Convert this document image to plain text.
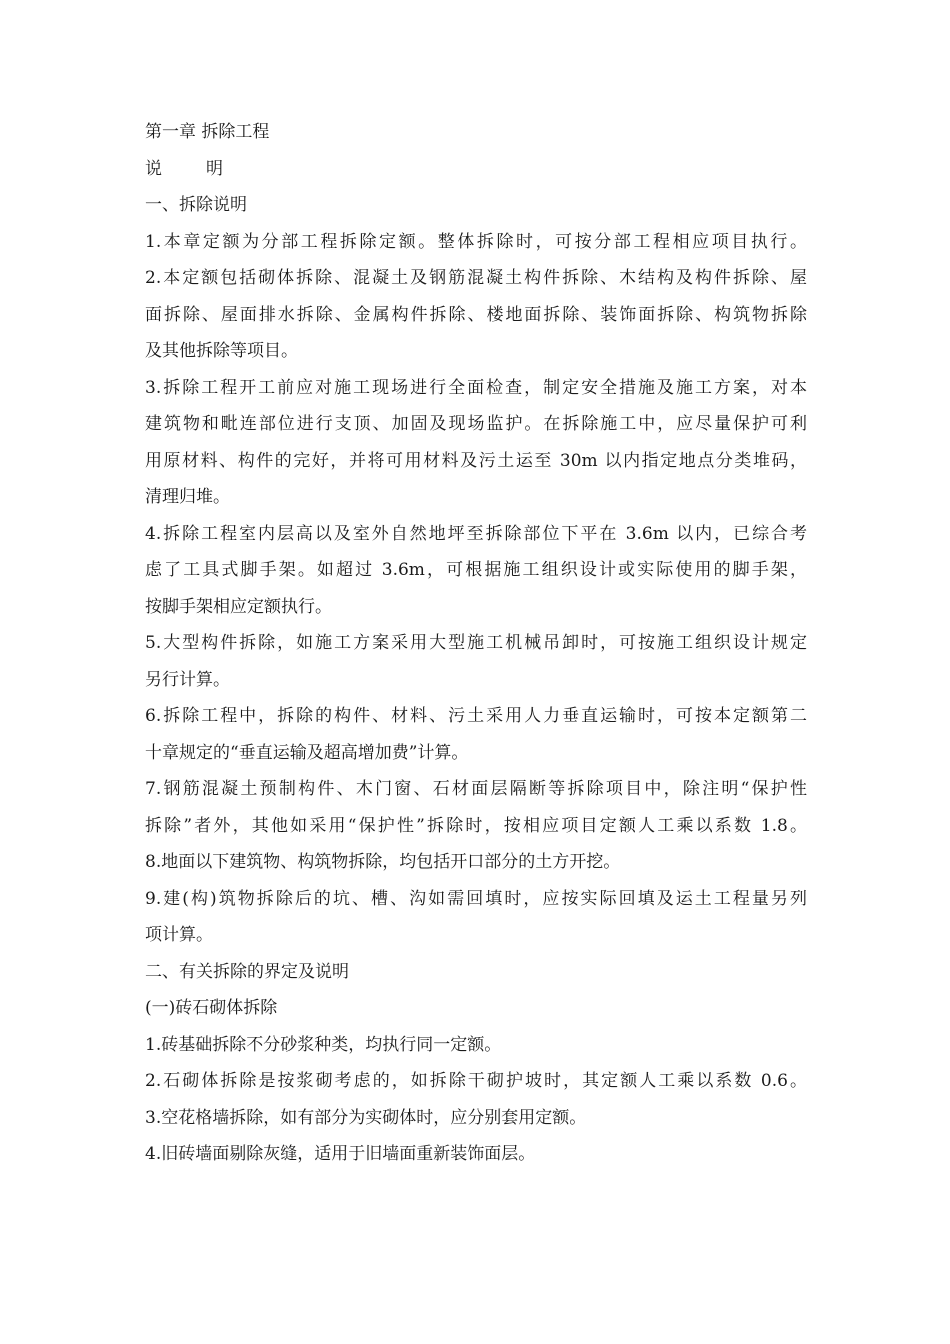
第一章 拆除工程
说	明
一、拆除说明
1.本章定额为分部工程拆除定额。整体拆除时，可按分部工程相应项目执行。
2.本定额包括砌体拆除、混凝土及钢筋混凝土构件拆除、木结构及构件拆除、屋
面拆除、屋面排水拆除、金属构件拆除、楼地面拆除、装饰面拆除、构筑物拆除
及其他拆除等项目。
3.拆除工程开工前应对施工现场进行全面检查，制定安全措施及施工方案，对本
建筑物和毗连部位进行支顶、加固及现场监护。在拆除施工中，应尽量保护可利
用原材料、构件的完好，并将可用材料及污土运至 30m 以内指定地点分类堆码，
清理归堆。
4.拆除工程室内层高以及室外自然地坪至拆除部位下平在 3.6m 以内，已综合考
虑了工具式脚手架。如超过 3.6m，可根据施工组织设计或实际使用的脚手架，
按脚手架相应定额执行。
5.大型构件拆除，如施工方案采用大型施工机械吊卸时，可按施工组织设计规定
另行计算。
6.拆除工程中，拆除的构件、材料、污土采用人力垂直运输时，可按本定额第二
十章规定的“垂直运输及超高增加费”计算。
7.钢筋混凝土预制构件、木门窗、石材面层隔断等拆除项目中，除注明“保护性
拆除”者外，其他如采用“保护性”拆除时，按相应项目定额人工乘以系数 1.8。
8.地面以下建筑物、构筑物拆除，均包括开口部分的土方开挖。
9.建(构)筑物拆除后的坑、槽、沟如需回填时，应按实际回填及运土工程量另列
项计算。
二、有关拆除的界定及说明
(一)砖石砌体拆除
1.砖基础拆除不分砂浆种类，均执行同一定额。
2.石砌体拆除是按浆砌考虑的，如拆除干砌护坡时，其定额人工乘以系数 0.6。
3.空花格墙拆除，如有部分为实砌体时，应分别套用定额。
4.旧砖墙面剔除灰缝，适用于旧墙面重新装饰面层。
